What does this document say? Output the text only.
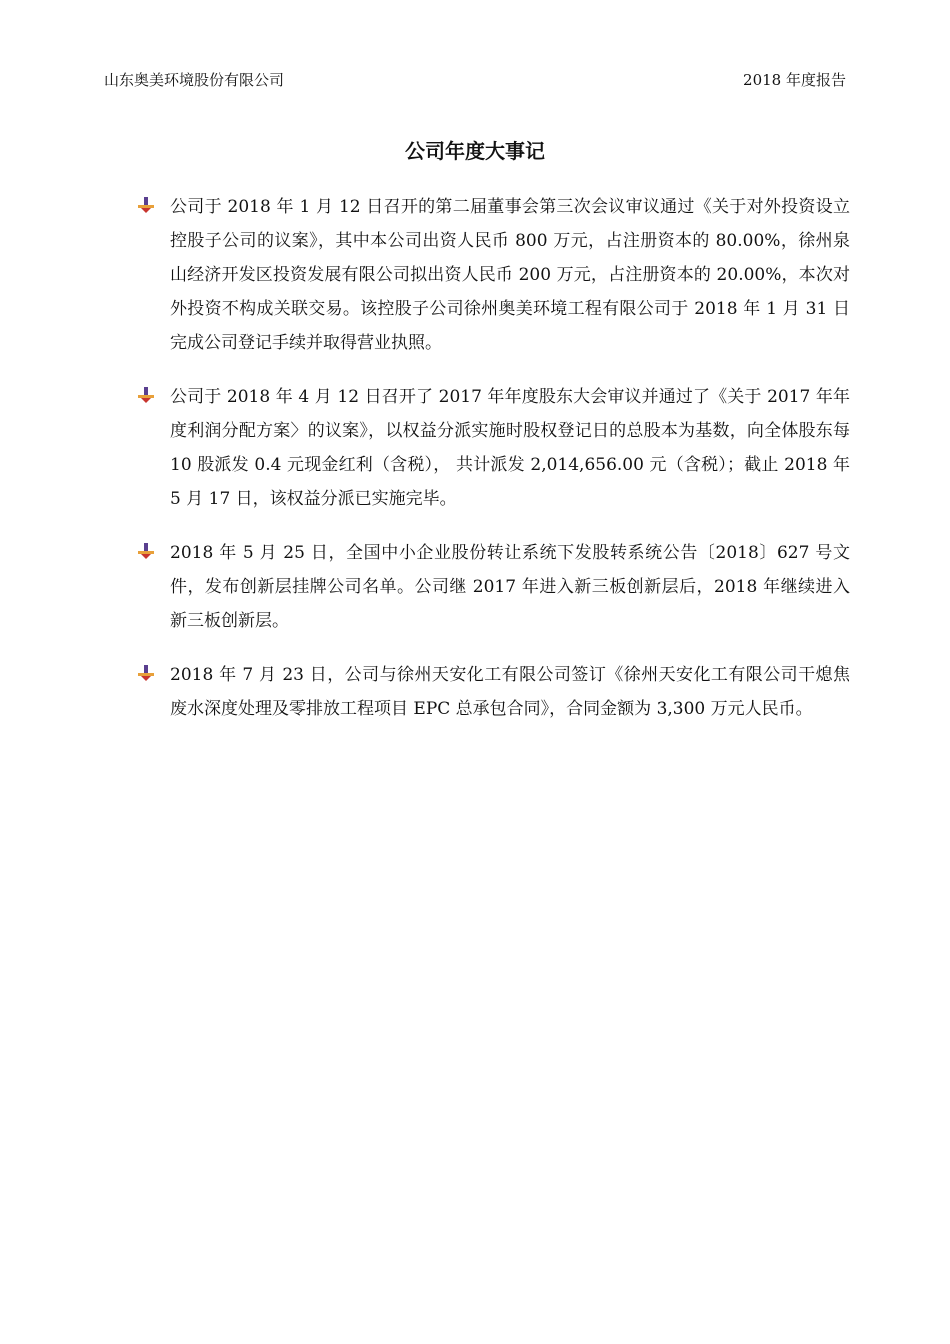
山东奥美环境股份有限公司	2018 年度报告
公司年度大事记

公司于 2018 年 1 月 12 日召开的第二届董事会第三次会议审议通过《关于对外投资设立控股子公司的议案》，其中本公司出资人民币 800 万元，占注册资本的 80.00%，徐州泉山经济开发区投资发展有限公司拟出资人民币 200 万元，占注册资本的 20.00%，本次对外投资不构成关联交易。该控股子公司徐州奥美环境工程有限公司于 2018 年 1 月 31 日完成公司登记手续并取得营业执照。

公司于 2018 年 4 月 12 日召开了 2017 年年度股东大会审议并通过了《关于 2017 年年度利润分配方案〉的议案》，以权益分派实施时股权登记日的总股本为基数，向全体股东每 10 股派发 0.4 元现金红利（含税）， 共计派发 2,014,656.00 元（含税）；截止 2018 年 5 月 17 日，该权益分派已实施完毕。

2018 年 5 月 25 日，全国中小企业股份转让系统下发股转系统公告〔2018〕627 号文件，发布创新层挂牌公司名单。公司继 2017 年进入新三板创新层后，2018 年继续进入新三板创新层。

2018 年 7 月 23 日，公司与徐州天安化工有限公司签订《徐州天安化工有限公司干熄焦废水深度处理及零排放工程项目 EPC 总承包合同》，合同金额为 3,300 万元人民币。
